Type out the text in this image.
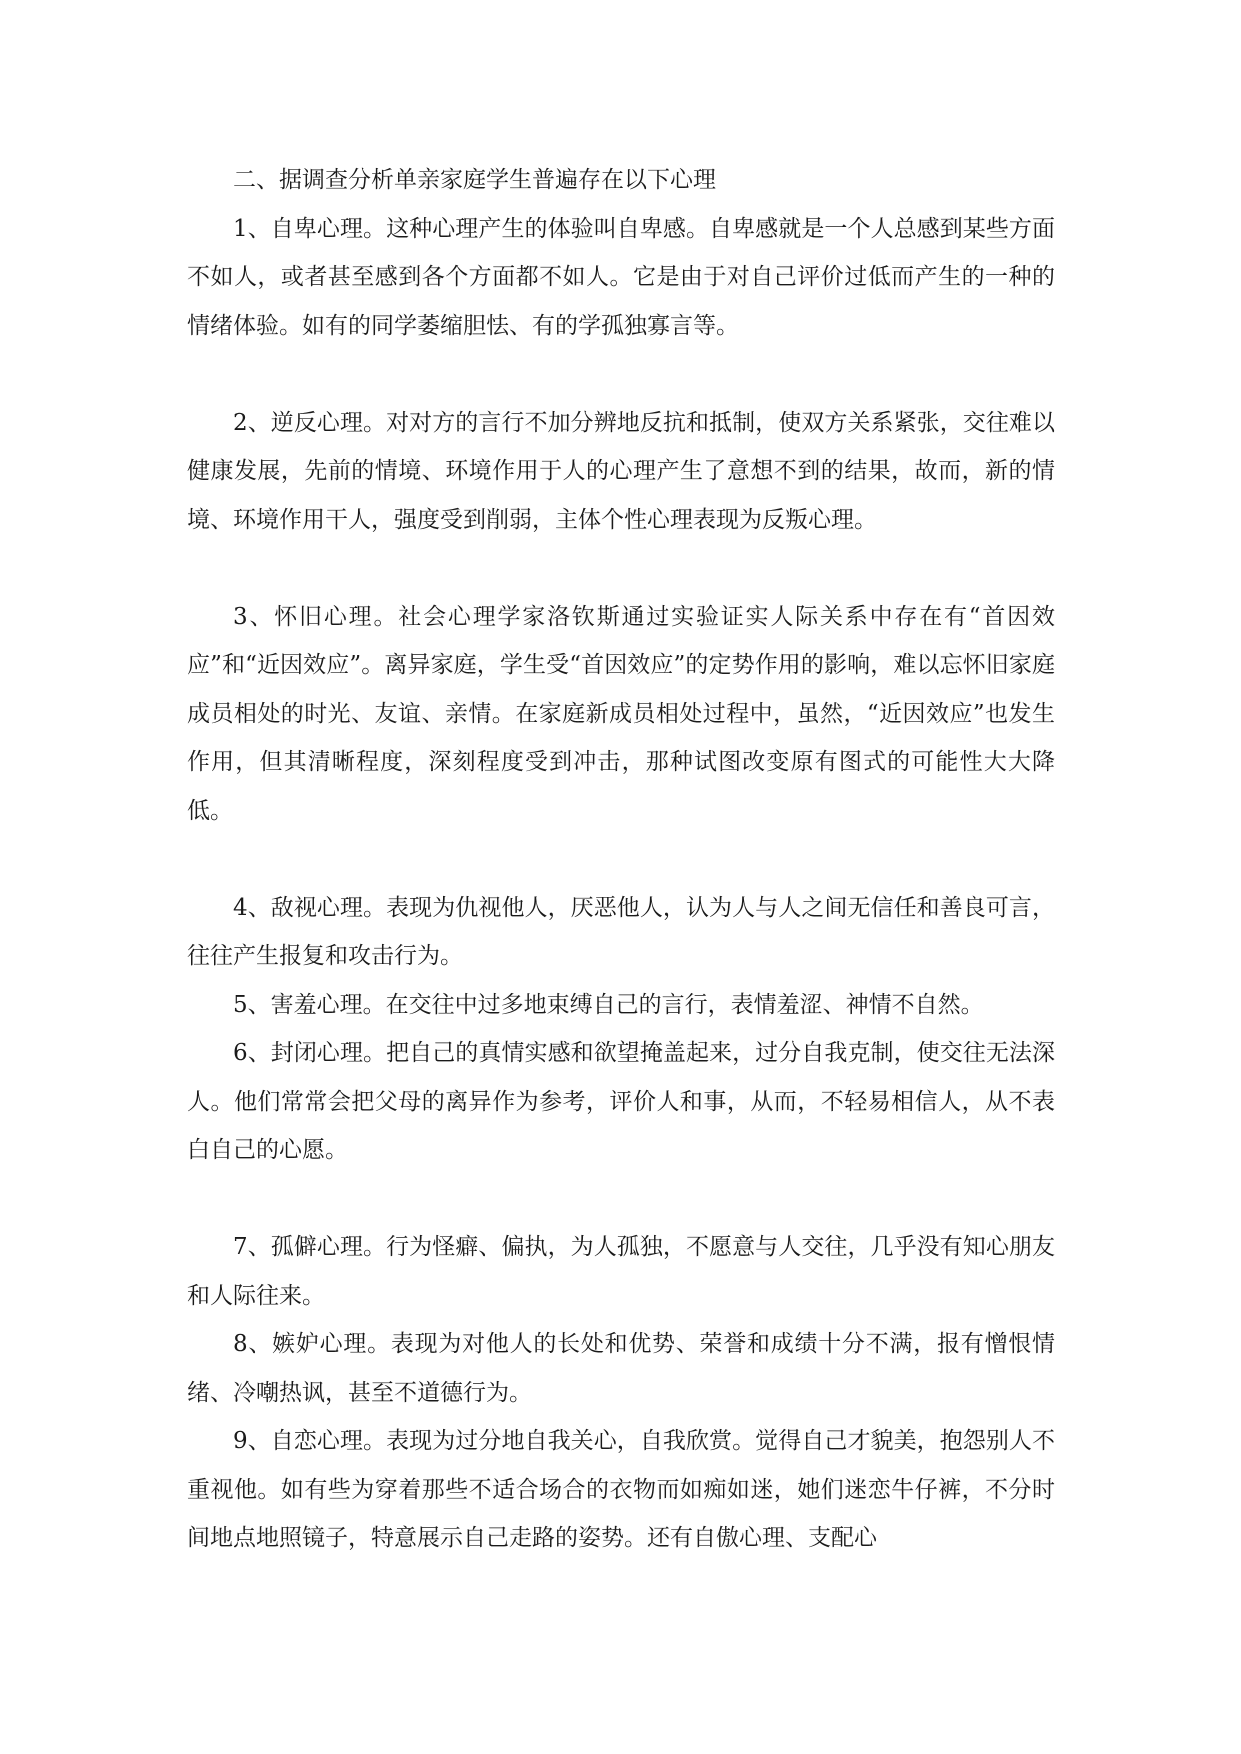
二、据调查分析单亲家庭学生普遍存在以下心理

1、自卑心理。这种心理产生的体验叫自卑感。自卑感就是一个人总感到某些方面不如人，或者甚至感到各个方面都不如人。它是由于对自己评价过低而产生的一种的情绪体验。如有的同学萎缩胆怯、有的学孤独寡言等。

2、逆反心理。对对方的言行不加分辨地反抗和抵制，使双方关系紧张，交往难以健康发展，先前的情境、环境作用于人的心理产生了意想不到的结果，故而，新的情境、环境作用干人，强度受到削弱，主体个性心理表现为反叛心理。

3、怀旧心理。社会心理学家洛钦斯通过实验证实人际关系中存在有“首因效应”和“近因效应”。离异家庭，学生受“首因效应”的定势作用的影响，难以忘怀旧家庭成员相处的时光、友谊、亲情。在家庭新成员相处过程中，虽然，“近因效应”也发生作用，但其清晰程度，深刻程度受到冲击，那种试图改变原有图式的可能性大大降低。

4、敌视心理。表现为仇视他人，厌恶他人，认为人与人之间无信任和善良可言，往往产生报复和攻击行为。

5、害羞心理。在交往中过多地束缚自己的言行，表情羞涩、神情不自然。

6、封闭心理。把自己的真情实感和欲望掩盖起来，过分自我克制，使交往无法深人。他们常常会把父母的离异作为参考，评价人和事，从而，不轻易相信人，从不表白自己的心愿。

7、孤僻心理。行为怪癖、偏执，为人孤独，不愿意与人交往，几乎没有知心朋友和人际往来。

8、嫉妒心理。表现为对他人的长处和优势、荣誉和成绩十分不满，报有憎恨情绪、冷嘲热讽，甚至不道德行为。

9、自恋心理。表现为过分地自我关心，自我欣赏。觉得自己才貌美，抱怨别人不重视他。如有些为穿着那些不适合场合的衣物而如痴如迷，她们迷恋牛仔裤，不分时间地点地照镜子，特意展示自己走路的姿势。还有自傲心理、支配心
